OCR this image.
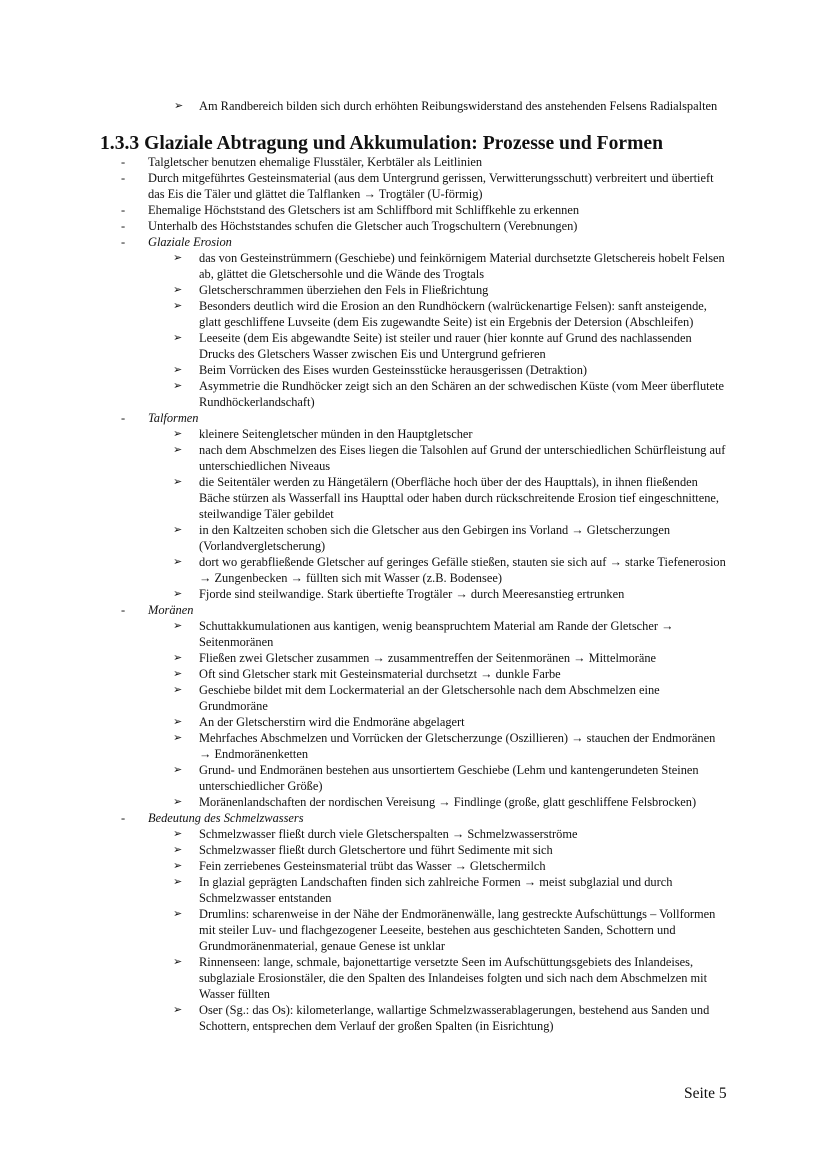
➢ Am Randbereich bilden sich durch erhöhten Reibungswiderstand des anstehenden Felsens Radialspalten
1.3.3 Glaziale Abtragung und Akkumulation: Prozesse und Formen
- Talgletscher benutzen ehemalige Flusstäler, Kerbtäler als Leitlinien
- Durch mitgeführtes Gesteinsmaterial (aus dem Untergrund gerissen, Verwitterungsschutt) verbreitert und übertieft das Eis die Täler und glättet die Talflanken → Trogtäler (U-förmig)
- Ehemalige Höchststand des Gletschers ist am Schliffbord mit Schliffkehle zu erkennen
- Unterhalb des Höchststandes schufen die Gletscher auch Trogschultern (Verebnungen)
- Glaziale Erosion
➢ das von Gesteinstrümmern (Geschiebe) und feinkörnigem Material durchsetzte Gletschereis hobelt Felsen ab, glättet die Gletschersohle und die Wände des Trogtals
➢ Gletscherschrammen überziehen den Fels in Fließrichtung
➢ Besonders deutlich wird die Erosion an den Rundhöckern (walrückenartige Felsen): sanft ansteigende, glatt geschliffene Luvseite (dem Eis zugewandte Seite) ist ein Ergebnis der Detersion (Abschleifen)
➢ Leeseite (dem Eis abgewandte Seite) ist steiler und rauer (hier konnte auf Grund des nachlassenden Drucks des Gletschers Wasser zwischen Eis und Untergrund gefrieren
➢ Beim Vorrücken des Eises wurden Gesteinsstücke herausgerissen (Detraktion)
➢ Asymmetrie die Rundhöcker zeigt sich an den Schären an der schwedischen Küste (vom Meer überflutete Rundhöckerlandschaft)
- Talformen
➢ kleinere Seitengletscher münden in den Hauptgletscher
➢ nach dem Abschmelzen des Eises liegen die Talsohlen auf Grund der unterschiedlichen Schürfleistung auf unterschiedlichen Niveaus
➢ die Seitentäler werden zu Hängetälern (Oberfläche hoch über der des Haupttals), in ihnen fließenden Bäche stürzen als Wasserfall ins Haupttal oder haben durch rückschreitende Erosion tief eingeschnittene, steilwandige Täler gebildet
➢ in den Kaltzeiten schoben sich die Gletscher aus den Gebirgen ins Vorland → Gletscherzungen (Vorlandvergletscherung)
➢ dort wo gerabfließende Gletscher auf geringes Gefälle stießen, stauten sie sich auf → starke Tiefenerosion → Zungenbecken → füllten sich mit Wasser (z.B. Bodensee)
➢ Fjorde sind steilwandige. Stark übertiefte Trogtäler → durch Meeresanstieg ertrunken
- Moränen
➢ Schuttakkumulationen aus kantigen, wenig beanspruchtem Material am Rande der Gletscher → Seitenmoränen
➢ Fließen zwei Gletscher zusammen → zusammentreffen der Seitenmoränen → Mittelmoräne
➢ Oft sind Gletscher stark mit Gesteinsmaterial durchsetzt → dunkle Farbe
➢ Geschiebe bildet mit dem Lockermaterial an der Gletschersohle nach dem Abschmelzen eine Grundmoräne
➢ An der Gletscherstirn wird die Endmoräne abgelagert
➢ Mehrfaches Abschmelzen und Vorrücken der Gletscherzunge (Oszillieren) → stauchen der Endmoränen → Endmoränenketten
➢ Grund- und Endmoränen bestehen aus unsortiertem Geschiebe (Lehm und kantengerundeten Steinen unterschiedlicher Größe)
➢ Moränenlandschaften der nordischen Vereisung → Findlinge (große, glatt geschliffene Felsbrocken)
- Bedeutung des Schmelzwassers
➢ Schmelzwasser fließt durch viele Gletscherspalten → Schmelzwasserströme
➢ Schmelzwasser fließt durch Gletschertore und führt Sedimente mit sich
➢ Fein zerriebenes Gesteinsmaterial trübt das Wasser → Gletschermilch
➢ In glazial geprägten Landschaften finden sich zahlreiche Formen → meist subglazial und durch Schmelzwasser entstanden
➢ Drumlins: scharenweise in der Nähe der Endmoränenwälle, lang gestreckte Aufschüttungs – Vollformen mit steiler Luv- und flachgezogener Leeseite, bestehen aus geschichteten Sanden, Schottern und Grundmoränenmaterial, genaue Genese ist unklar
➢ Rinnenseen: lange, schmale, bajonettartige versetzte Seen im Aufschüttungsgebiets des Inlandeises, subglaziale Erosionstäler, die den Spalten des Inlandeises folgten und sich nach dem Abschmelzen mit Wasser füllten
➢ Oser (Sg.: das Os): kilometerlange, wallartige Schmelzwasserablagerungen, bestehend aus Sanden und Schottern, entsprechen dem Verlauf der großen Spalten (in Eisrichtung)
Seite 5
